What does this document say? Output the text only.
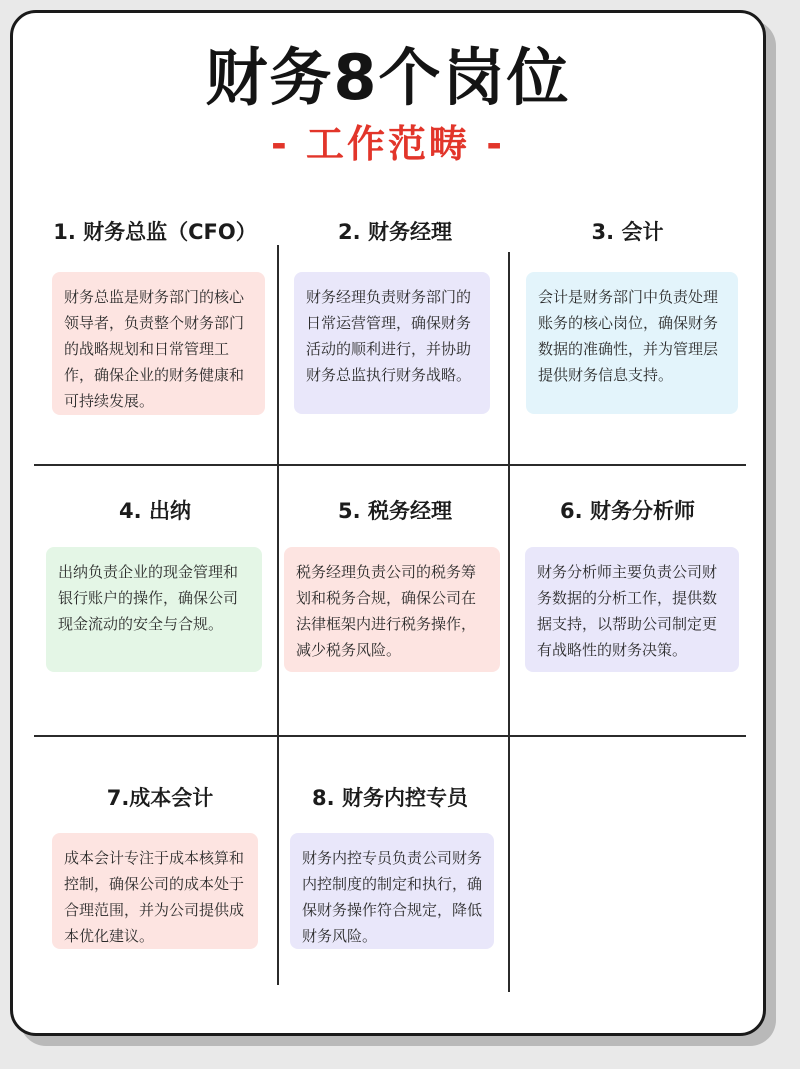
财务8个岗位
- 工作范畴 -
1. 财务总监（CFO）
财务总监是财务部门的核心领导者，负责整个财务部门的战略规划和日常管理工作，确保企业的财务健康和可持续发展。
2. 财务经理
财务经理负责财务部门的日常运营管理，确保财务活动的顺利进行，并协助财务总监执行财务战略。
3. 会计
会计是财务部门中负责处理账务的核心岗位，确保财务数据的准确性，并为管理层提供财务信息支持。
4. 出纳
出纳负责企业的现金管理和银行账户的操作，确保公司现金流动的安全与合规。
5. 税务经理
税务经理负责公司的税务筹划和税务合规，确保公司在法律框架内进行税务操作，减少税务风险。
6. 财务分析师
财务分析师主要负责公司财务数据的分析工作，提供数据支持，以帮助公司制定更有战略性的财务决策。
7.成本会计
成本会计专注于成本核算和控制，确保公司的成本处于合理范围，并为公司提供成本优化建议。
8. 财务内控专员
财务内控专员负责公司财务内控制度的制定和执行，确保财务操作符合规定，降低财务风险。
